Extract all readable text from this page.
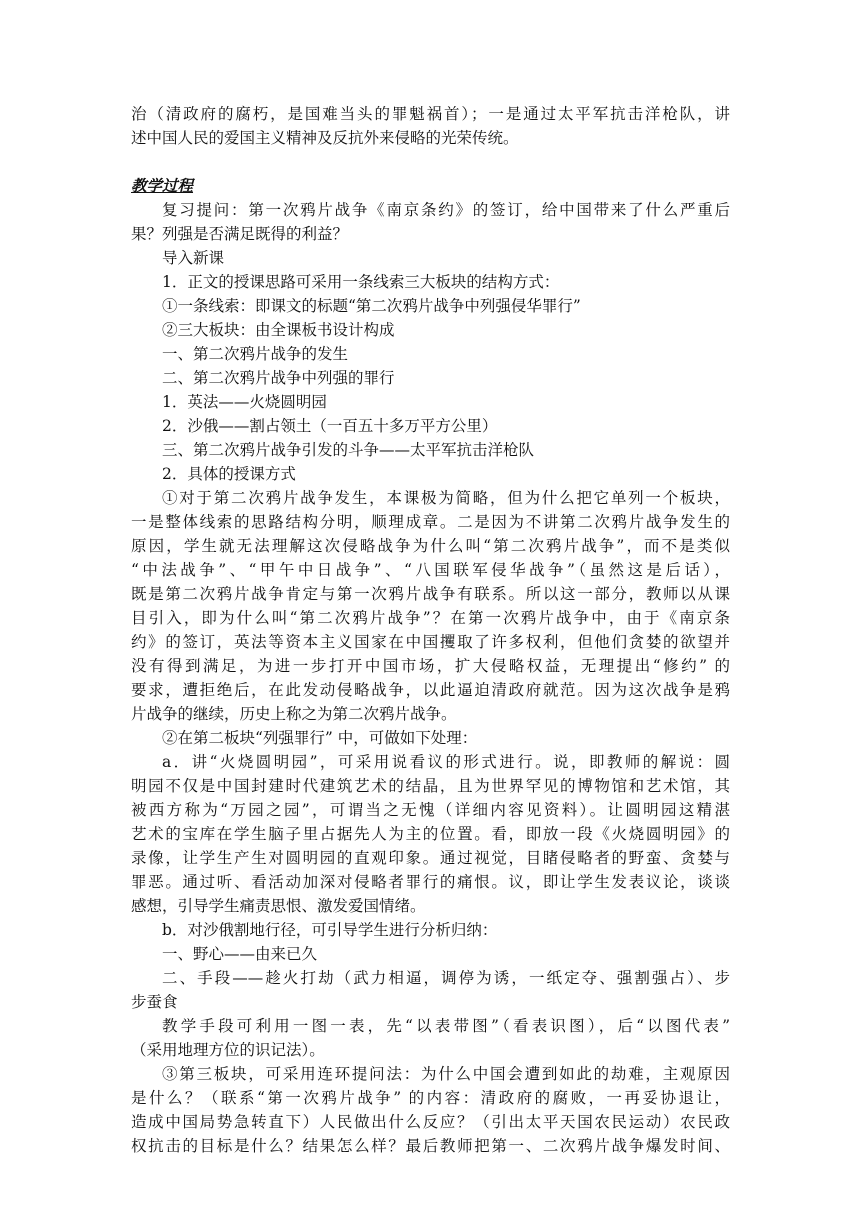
治（清政府的腐朽，是国难当头的罪魁祸首）；一是通过太平军抗击洋枪队，讲
述中国人民的爱国主义精神及反抗外来侵略的光荣传统。
教学过程
复习提问：第一次鸦片战争《南京条约》的签订，给中国带来了什么严重后
果？列强是否满足既得的利益？
导入新课
1．正文的授课思路可采用一条线索三大板块的结构方式：
①一条线索：即课文的标题“第二次鸦片战争中列强侵华罪行”
②三大板块：由全课板书设计构成
一、第二次鸦片战争的发生
二、第二次鸦片战争中列强的罪行
1．英法——火烧圆明园
2．沙俄——割占领土（一百五十多万平方公里）
三、第二次鸦片战争引发的斗争——太平军抗击洋枪队
2．具体的授课方式
①对于第二次鸦片战争发生，本课极为简略，但为什么把它单列一个板块，
一是整体线索的思路结构分明，顺理成章。二是因为不讲第二次鸦片战争发生的
原因，学生就无法理解这次侵略战争为什么叫“第二次鸦片战争”，而不是类似
“中法战争”、“甲午中日战争”、“八国联军侵华战争”（虽然这是后话），
既是第二次鸦片战争肯定与第一次鸦片战争有联系。所以这一部分，教师以从课
目引入，即为什么叫“第二次鸦片战争”？在第一次鸦片战争中，由于《南京条
约》的签订，英法等资本主义国家在中国攫取了许多权利，但他们贪婪的欲望并
没有得到满足，为进一步打开中国市场，扩大侵略权益，无理提出“修约” 的
要求，遭拒绝后，在此发动侵略战争，以此逼迫清政府就范。因为这次战争是鸦
片战争的继续，历史上称之为第二次鸦片战争。
②在第二板块“列强罪行” 中，可做如下处理：
a．讲“火烧圆明园”，可采用说看议的形式进行。说，即教师的解说：圆
明园不仅是中国封建时代建筑艺术的结晶，且为世界罕见的博物馆和艺术馆，其
被西方称为“万园之园”，可谓当之无愧（详细内容见资料）。让圆明园这精湛
艺术的宝库在学生脑子里占据先人为主的位置。看，即放一段《火烧圆明园》的
录像，让学生产生对圆明园的直观印象。通过视觉，目睹侵略者的野蛮、贪婪与
罪恶。通过听、看活动加深对侵略者罪行的痛恨。议，即让学生发表议论，谈谈
感想，引导学生痛责思恨、激发爱国情绪。
b．对沙俄割地行径，可引导学生进行分析归纳：
一、野心——由来已久
二、手段——趁火打劫（武力相逼，调停为诱，一纸定夺、强割强占）、步
步蚕食
教学手段可利用一图一表，先“以表带图”（看表识图），后“以图代表”
（采用地理方位的识记法）。
③第三板块，可采用连环提问法：为什么中国会遭到如此的劫难，主观原因
是什么？（联系“第一次鸦片战争” 的内容：清政府的腐败，一再妥协退让，
造成中国局势急转直下）人民做出什么反应？（引出太平天国农民运动）农民政
权抗击的目标是什么？结果怎么样？最后教师把第一、二次鸦片战争爆发时间、
